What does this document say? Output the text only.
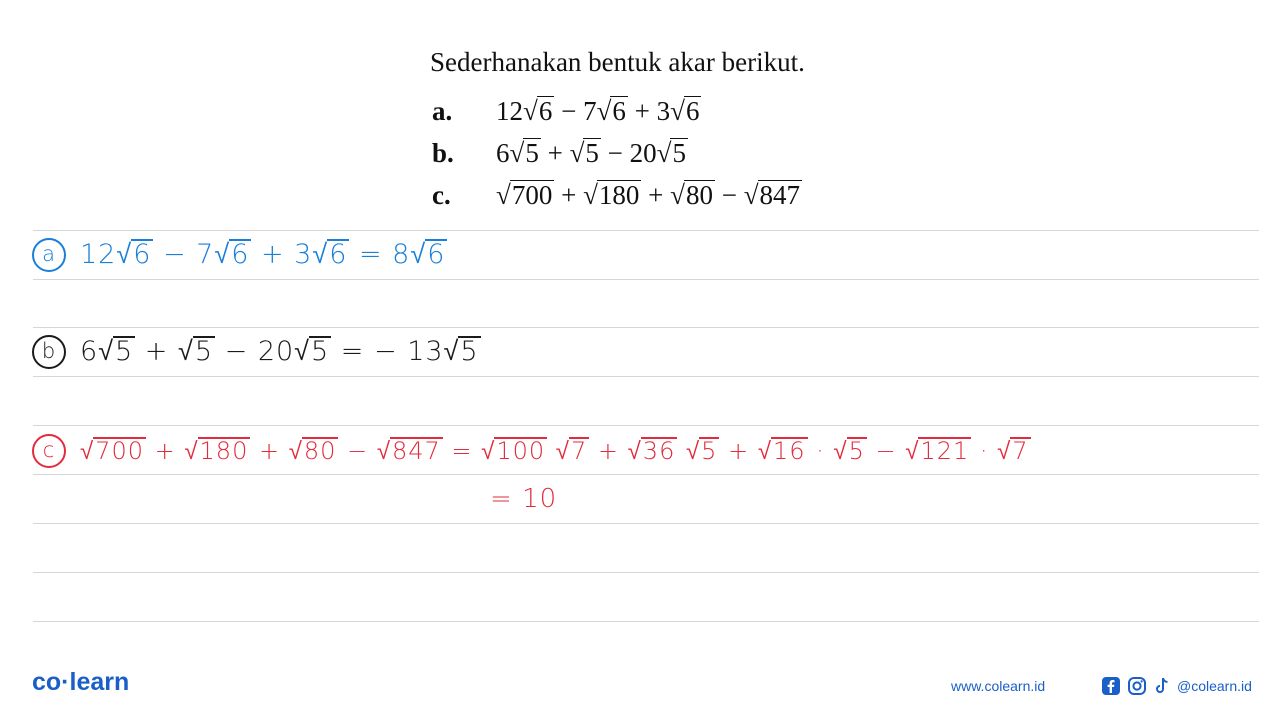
Sederhanakan bentuk akar berikut.
a. 12√6 − 7√6 + 3√6
b. 6√5 + √5 − 20√5
c. √700 + √180 + √80 − √847
a 12√6 − 7√6 + 3√6 = 8√6
b 6√5 + √5 − 20√5 = − 13√5
c √700 + √180 + √80 − √847 = √100 √7 + √36 √5 + √16 · √5 − √121 · √7
= 10
co·learn	www.colearn.id	@colearn.id
